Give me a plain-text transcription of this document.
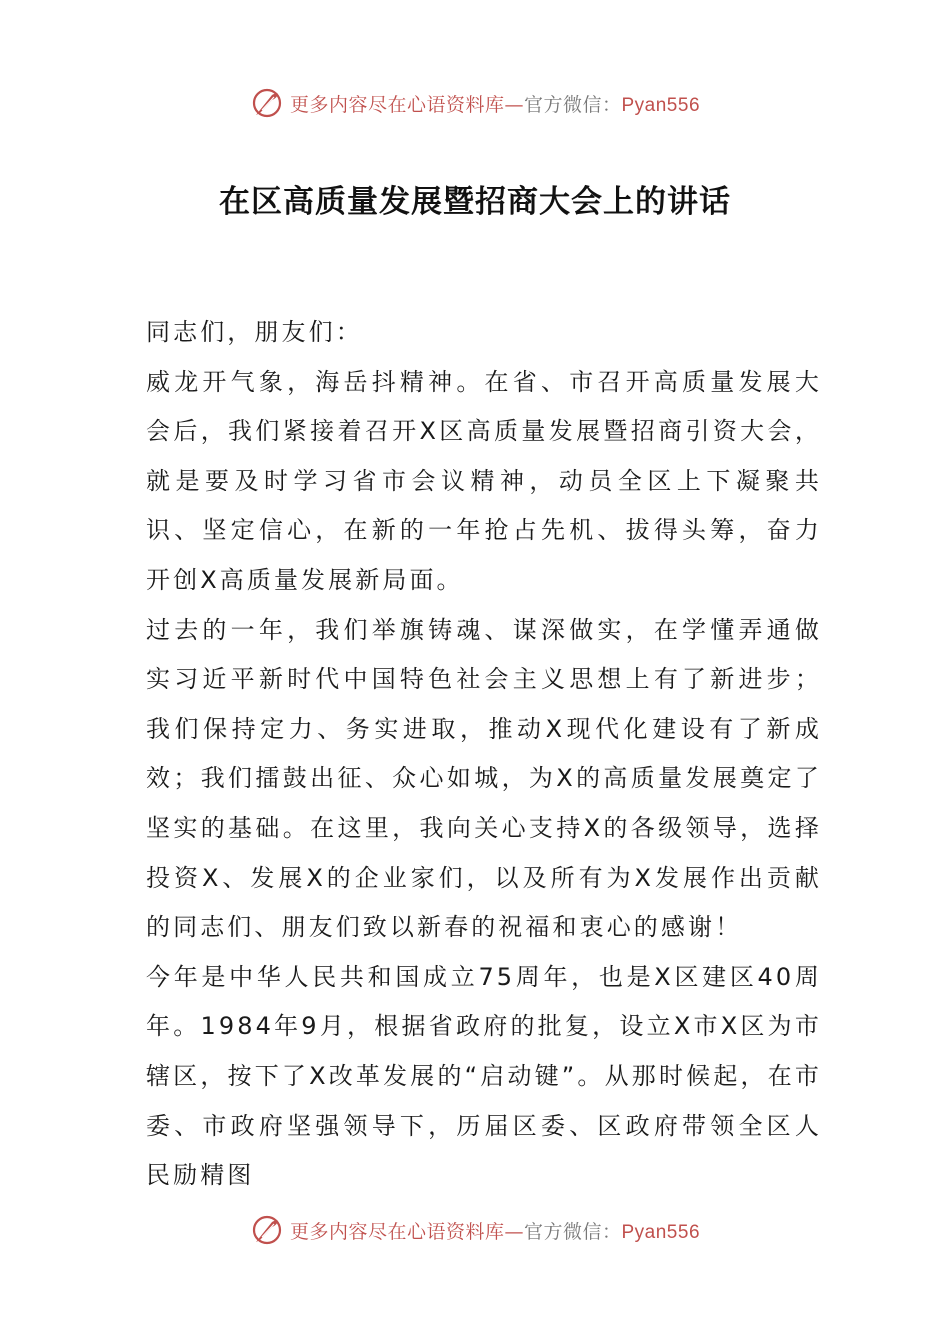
更多内容尽在心语资料库—官方微信：Pyan556
在区高质量发展暨招商大会上的讲话

同志们，朋友们：

威龙开气象，海岳抖精神。在省、市召开高质量发展大会后，我们紧接着召开X区高质量发展暨招商引资大会，就是要及时学习省市会议精神，动员全区上下凝聚共识、坚定信心，在新的一年抢占先机、拔得头筹，奋力开创X高质量发展新局面。

过去的一年，我们举旗铸魂、谋深做实，在学懂弄通做实习近平新时代中国特色社会主义思想上有了新进步；我们保持定力、务实进取，推动X现代化建设有了新成效；我们擂鼓出征、众心如城，为X的高质量发展奠定了坚实的基础。在这里，我向关心支持X的各级领导，选择投资X、发展X的企业家们，以及所有为X发展作出贡献的同志们、朋友们致以新春的祝福和衷心的感谢！

今年是中华人民共和国成立75周年，也是X区建区40周年。1984年9月，根据省政府的批复，设立X市X区为市辖区，按下了X改革发展的“启动键”。从那时候起，在市委、市政府坚强领导下，历届区委、区政府带领全区人民励精图

更多内容尽在心语资料库—官方微信：Pyan556
